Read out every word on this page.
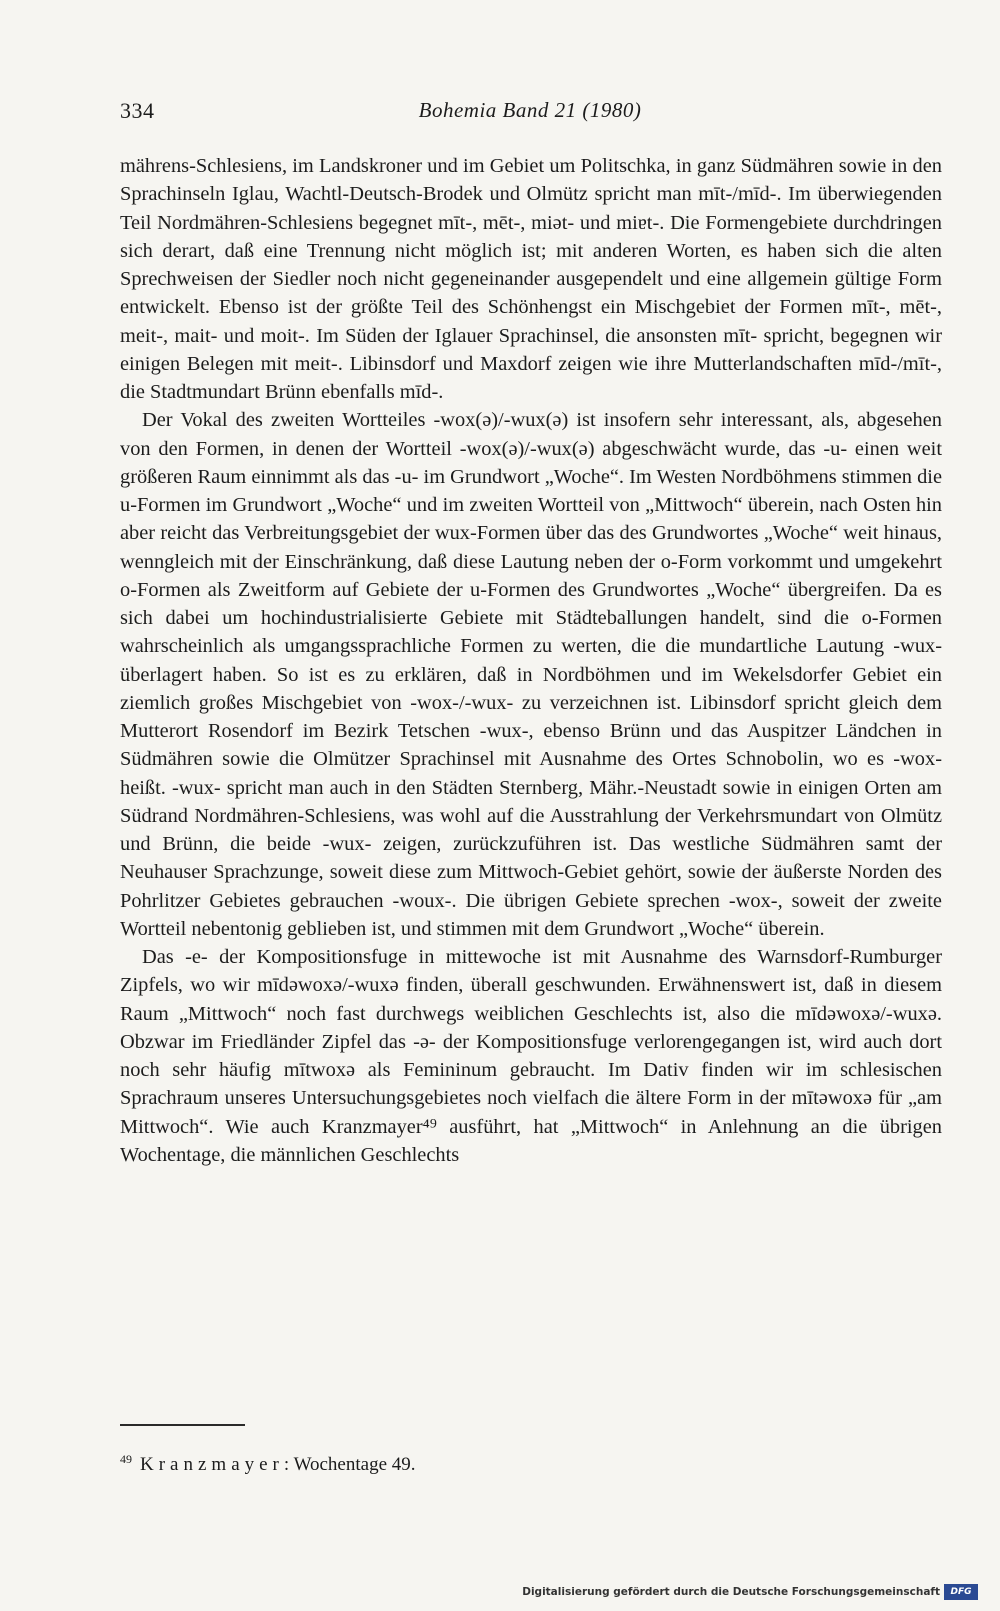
334	Bohemia Band 21 (1980)

mährens-Schlesiens, im Landskroner und im Gebiet um Politschka, in ganz Südmähren sowie in den Sprachinseln Iglau, Wachtl-Deutsch-Brodek und Olmütz spricht man mīt-/mīd-. Im überwiegenden Teil Nordmähren-Schlesiens begegnet mīt-, mēt-, miət- und miɐt-. Die Formengebiete durchdringen sich derart, daß eine Trennung nicht möglich ist; mit anderen Worten, es haben sich die alten Sprechweisen der Siedler noch nicht gegeneinander ausgependelt und eine allgemein gültige Form entwickelt. Ebenso ist der größte Teil des Schönhengst ein Mischgebiet der Formen mīt-, mēt-, meit-, mait- und moit-. Im Süden der Iglauer Sprachinsel, die ansonsten mīt- spricht, begegnen wir einigen Belegen mit meit-. Libinsdorf und Maxdorf zeigen wie ihre Mutterlandschaften mīd-/mīt-, die Stadtmundart Brünn ebenfalls mīd-.

Der Vokal des zweiten Wortteiles -wox(ə)/-wux(ə) ist insofern sehr interessant, als, abgesehen von den Formen, in denen der Wortteil -wox(ə)/-wux(ə) abgeschwächt wurde, das -u- einen weit größeren Raum einnimmt als das -u- im Grundwort „Woche“. Im Westen Nordböhmens stimmen die u-Formen im Grundwort „Woche“ und im zweiten Wortteil von „Mittwoch“ überein, nach Osten hin aber reicht das Verbreitungsgebiet der wux-Formen über das des Grundwortes „Woche“ weit hinaus, wenngleich mit der Einschränkung, daß diese Lautung neben der o-Form vorkommt und umgekehrt o-Formen als Zweitform auf Gebiete der u-Formen des Grundwortes „Woche“ übergreifen. Da es sich dabei um hochindustrialisierte Gebiete mit Städteballungen handelt, sind die o-Formen wahrscheinlich als umgangssprachliche Formen zu werten, die die mundartliche Lautung -wux- überlagert haben. So ist es zu erklären, daß in Nordböhmen und im Wekelsdorfer Gebiet ein ziemlich großes Mischgebiet von -wox-/-wux- zu verzeichnen ist. Libinsdorf spricht gleich dem Mutterort Rosendorf im Bezirk Tetschen -wux-, ebenso Brünn und das Auspitzer Ländchen in Südmähren sowie die Olmützer Sprachinsel mit Ausnahme des Ortes Schnobolin, wo es -wox- heißt. -wux- spricht man auch in den Städten Sternberg, Mähr.-Neustadt sowie in einigen Orten am Südrand Nordmähren-Schlesiens, was wohl auf die Ausstrahlung der Verkehrsmundart von Olmütz und Brünn, die beide -wux- zeigen, zurückzuführen ist. Das westliche Südmähren samt der Neuhauser Sprachzunge, soweit diese zum Mittwoch-Gebiet gehört, sowie der äußerste Norden des Pohrlitzer Gebietes gebrauchen -woux-. Die übrigen Gebiete sprechen -wox-, soweit der zweite Wortteil nebentonig geblieben ist, und stimmen mit dem Grundwort „Woche“ überein.

Das -e- der Kompositionsfuge in mittewoche ist mit Ausnahme des Warnsdorf-Rumburger Zipfels, wo wir mīdəwoxə/-wuxə finden, überall geschwunden. Erwähnenswert ist, daß in diesem Raum „Mittwoch“ noch fast durchwegs weiblichen Geschlechts ist, also die mīdəwoxə/-wuxə. Obzwar im Friedländer Zipfel das -ə- der Kompositionsfuge verlorengegangen ist, wird auch dort noch sehr häufig mītwoxə als Femininum gebraucht. Im Dativ finden wir im schlesischen Sprachraum unseres Untersuchungsgebietes noch vielfach die ältere Form in der mītəwoxə für „am Mittwoch“. Wie auch Kranzmayer⁴⁹ ausführt, hat „Mittwoch“ in Anlehnung an die übrigen Wochentage, die männlichen Geschlechts

$^{49}$ Kranzmayer: Wochentage 49.
Digitalisierung gefördert durch die Deutsche Forschungsgemeinschaft	DFG
